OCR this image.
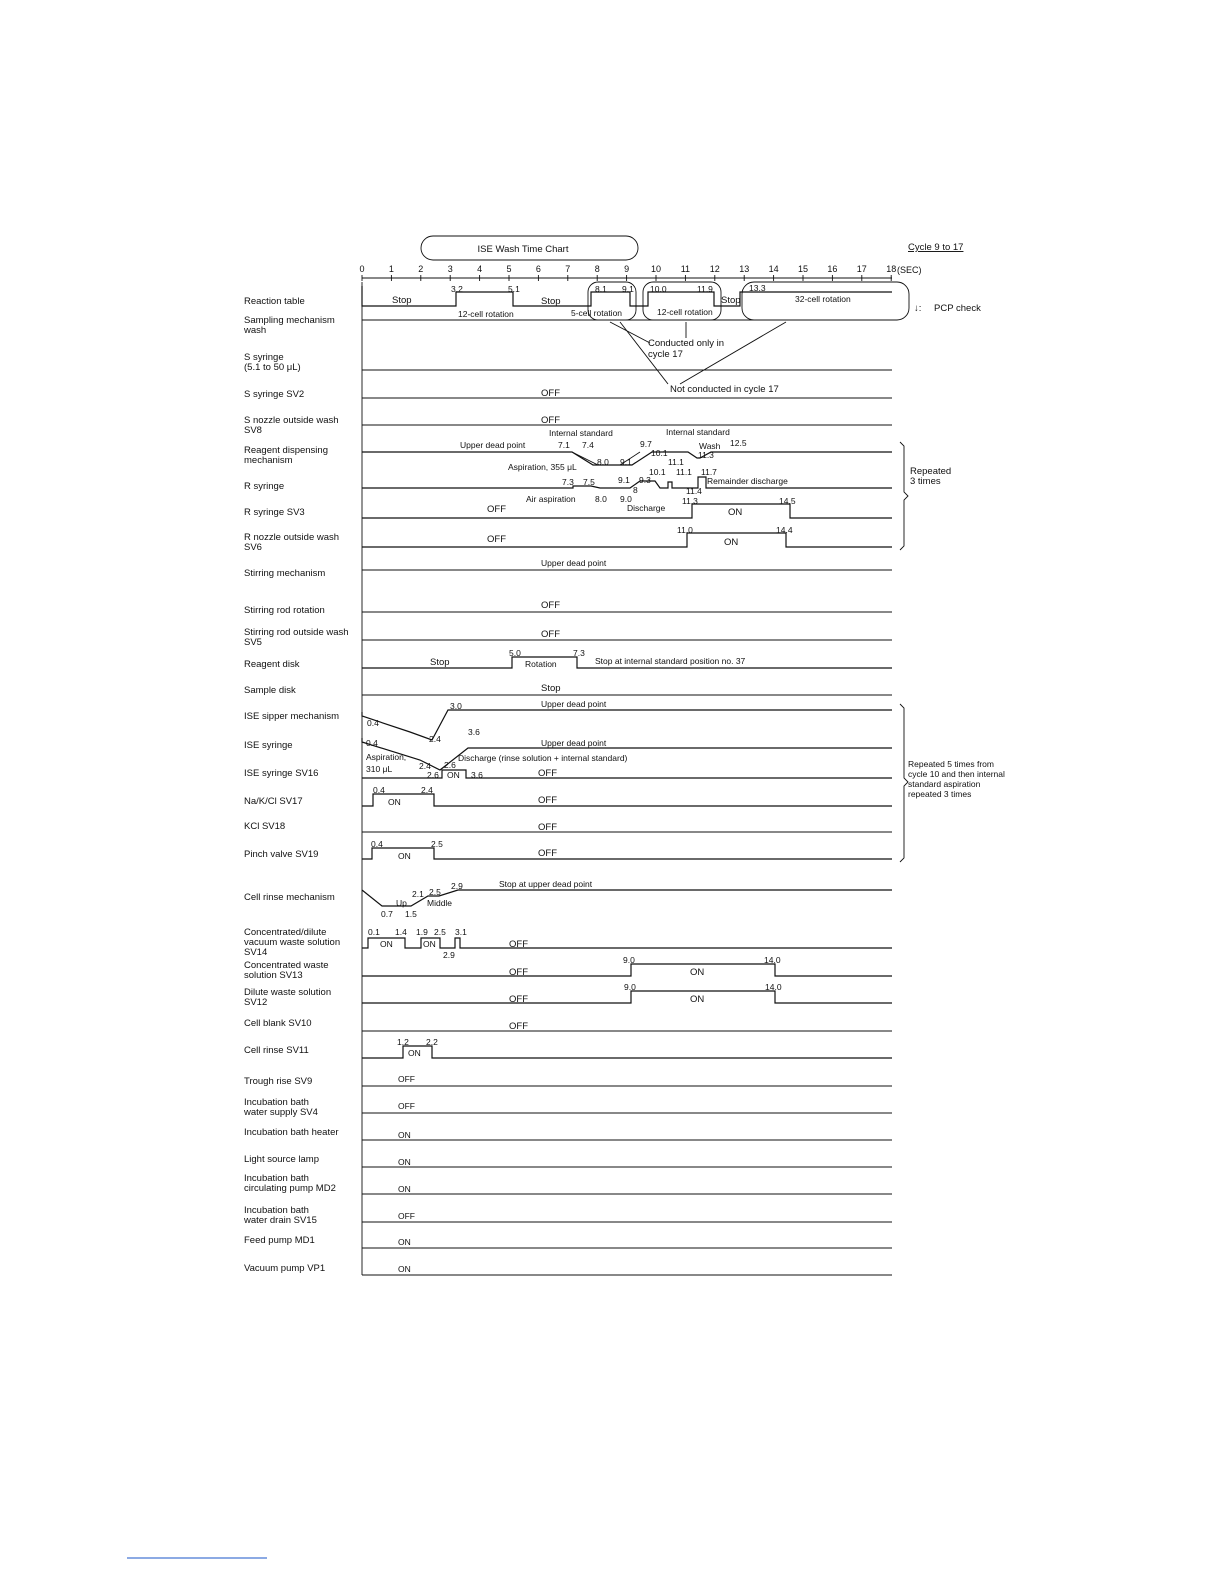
ISE Wash Time Chart	Cycle 9 to 17
0	1	2	3	4	5	6	7	8	9 10 11 12 13 14 15 16 17 18 (SEC)
Reaction table
Sampling mechanism wash
S syringe (5.1 to 50 μL)
S syringe SV2
S nozzle outside wash SV8
Reagent dispensing mechanism
R syringe
R syringe SV3
R nozzle outside wash SV6
Stirring mechanism
Stirring rod rotation
Stirring rod outside wash SV5
Reagent disk
Sample disk
ISE sipper mechanism
ISE syringe
ISE syringe SV16
Na/K/Cl SV17
KCl SV18
Pinch valve SV19
Cell rinse mechanism
Concentrated/dilute vacuum waste solution SV14
Concentrated waste solution SV13
Dilute waste solution SV12
Cell blank SV10
Cell rinse SV11
Trough rise SV9
Incubation bath water supply SV4
Incubation bath heater
Light source lamp
Incubation bath circulating pump MD2
Incubation bath water drain SV15
Feed pump MD1
Vacuum pump VP1
↓: PCP check
Repeated 3 times
Repeated 5 times from cycle 10 and then internal standard aspiration repeated 3 times
Conducted only in cycle 17
Not conducted in cycle 17
Stop
3.2	5.1
12-cell rotation
Stop
8.1 9.1
5-cell rotation
10.0	11.9
12-cell rotation
Stop
13.3
32-cell rotation
OFF
OFF
Upper dead point
OFF
OFF
Upper dead point
OFF
OFF
Stop
Stop
Upper dead point
Upper dead point
OFF
OFF
OFF
OFF
Stop at upper dead point
OFF
OFF
OFF
OFF
OFF
OFF
ON
ON
ON
OFF
ON
ON
Internal standard	Internal standard
7.1 7.4
8.0 9.1
9.7
10.1	11.3
Wash 12.5
Aspiration, 355 μL	11.1
7.3 7.5	9.1 9.3
10.1 11.1 11.7
Remainder discharge
8	11.4
Air aspiration 8.0 9.0
Discharge
11.3	14.5
ON
11.0	14.4
ON
5.0	7.3
Rotation	Stop at internal standard position no. 37
3.0
0.4
2.4
3.6
0.4
Aspiration,
310 μL	2.4 2.6
Discharge (rinse solution + internal standard)
2.6 ON 3.6
0.4	2.4
ON
0.4	2.5
ON
2.9
2.1 2.5
Up Middle
0.7 1.5
0.1 1.4 1.9 2.5 3.1
ON	ON
2.9	9.0	14.0
ON
9.0	14.0
ON
1.2 2.2
ON
